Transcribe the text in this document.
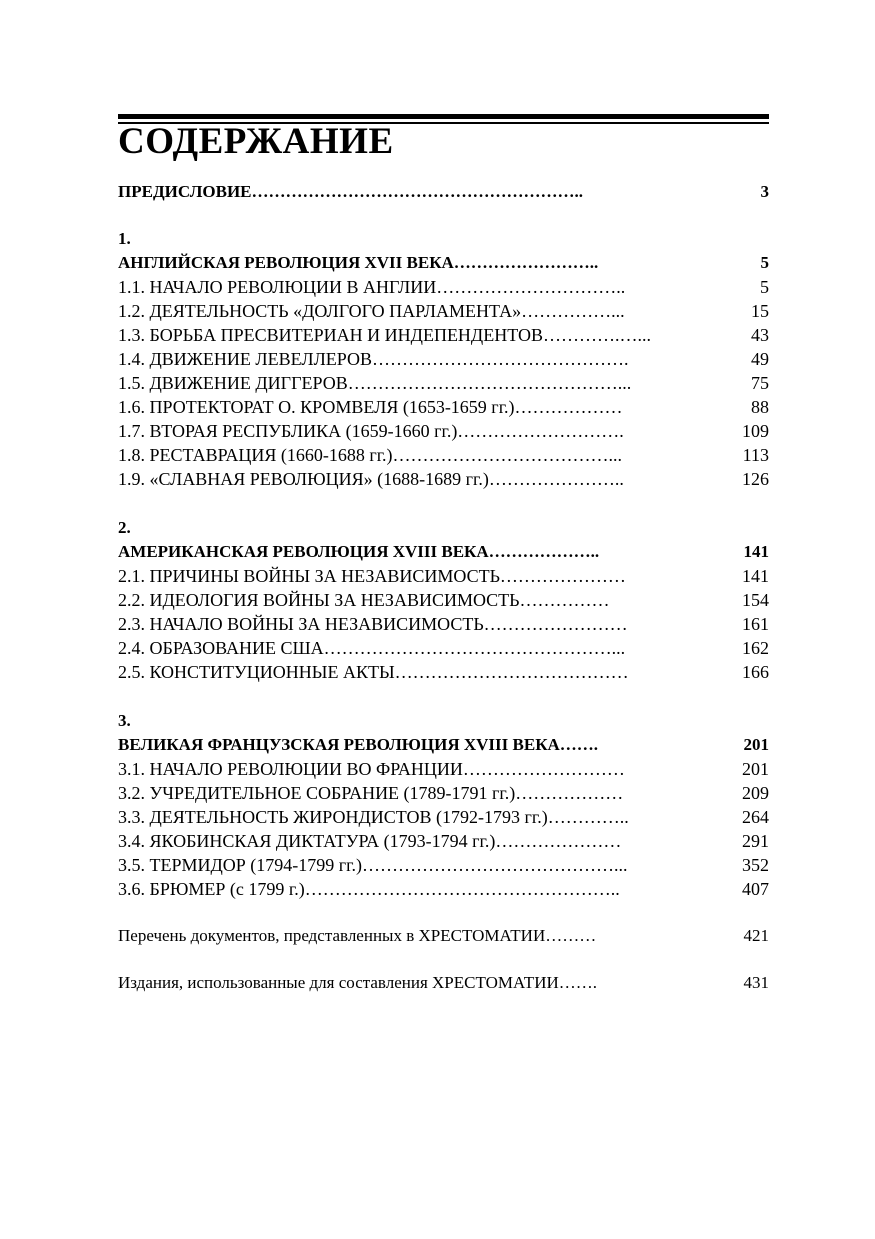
СОДЕРЖАНИЕ
ПРЕДИСЛОВИЕ…………………………………………………..	3
1.
АНГЛИЙСКАЯ РЕВОЛЮЦИЯ XVII ВЕКА……………………..	5
1.1. НАЧАЛО РЕВОЛЮЦИИ В АНГЛИИ…………………………..	5
1.2. ДЕЯТЕЛЬНОСТЬ «ДОЛГОГО ПАРЛАМЕНТА»……………...	15
1.3. БОРЬБА ПРЕСВИТЕРИАН И ИНДЕПЕНДЕНТОВ………….…...	43
1.4. ДВИЖЕНИЕ ЛЕВЕЛЛЕРОВ…………………………………….	49
1.5. ДВИЖЕНИЕ ДИГГЕРОВ………………………………………...	75
1.6. ПРОТЕКТОРАТ О. КРОМВЕЛЯ (1653-1659 гг.)………………	88
1.7. ВТОРАЯ РЕСПУБЛИКА (1659-1660 гг.)……………………….	109
1.8. РЕСТАВРАЦИЯ (1660-1688 гг.)………………………………...	113
1.9. «СЛАВНАЯ РЕВОЛЮЦИЯ» (1688-1689 гг.)…………………..	126
2.
АМЕРИКАНСКАЯ РЕВОЛЮЦИЯ XVIII ВЕКА………………..	141
2.1. ПРИЧИНЫ ВОЙНЫ ЗА НЕЗАВИСИМОСТЬ…………………	141
2.2. ИДЕОЛОГИЯ ВОЙНЫ ЗА НЕЗАВИСИМОСТЬ……………	154
2.3. НАЧАЛО ВОЙНЫ ЗА НЕЗАВИСИМОСТЬ……………………	161
2.4. ОБРАЗОВАНИЕ США…………………………………………...	162
2.5. КОНСТИТУЦИОННЫЕ АКТЫ…………………………………	166
3.
ВЕЛИКАЯ ФРАНЦУЗСКАЯ РЕВОЛЮЦИЯ XVIII ВЕКА…….	201
3.1. НАЧАЛО РЕВОЛЮЦИИ ВО ФРАНЦИИ………………………	201
3.2. УЧРЕДИТЕЛЬНОЕ СОБРАНИЕ (1789-1791 гг.)………………	209
3.3. ДЕЯТЕЛЬНОСТЬ ЖИРОНДИСТОВ (1792-1793 гг.)…………..	264
3.4. ЯКОБИНСКАЯ ДИКТАТУРА (1793-1794 гг.)…………………	291
3.5. ТЕРМИДОР (1794-1799 гг.)……………………………………...	352
3.6. БРЮМЕР (с 1799 г.)……………………………………………..	407
Перечень документов, представленных в ХРЕСТОМАТИИ………	421
Издания, использованные для составления ХРЕСТОМАТИИ…….	431
